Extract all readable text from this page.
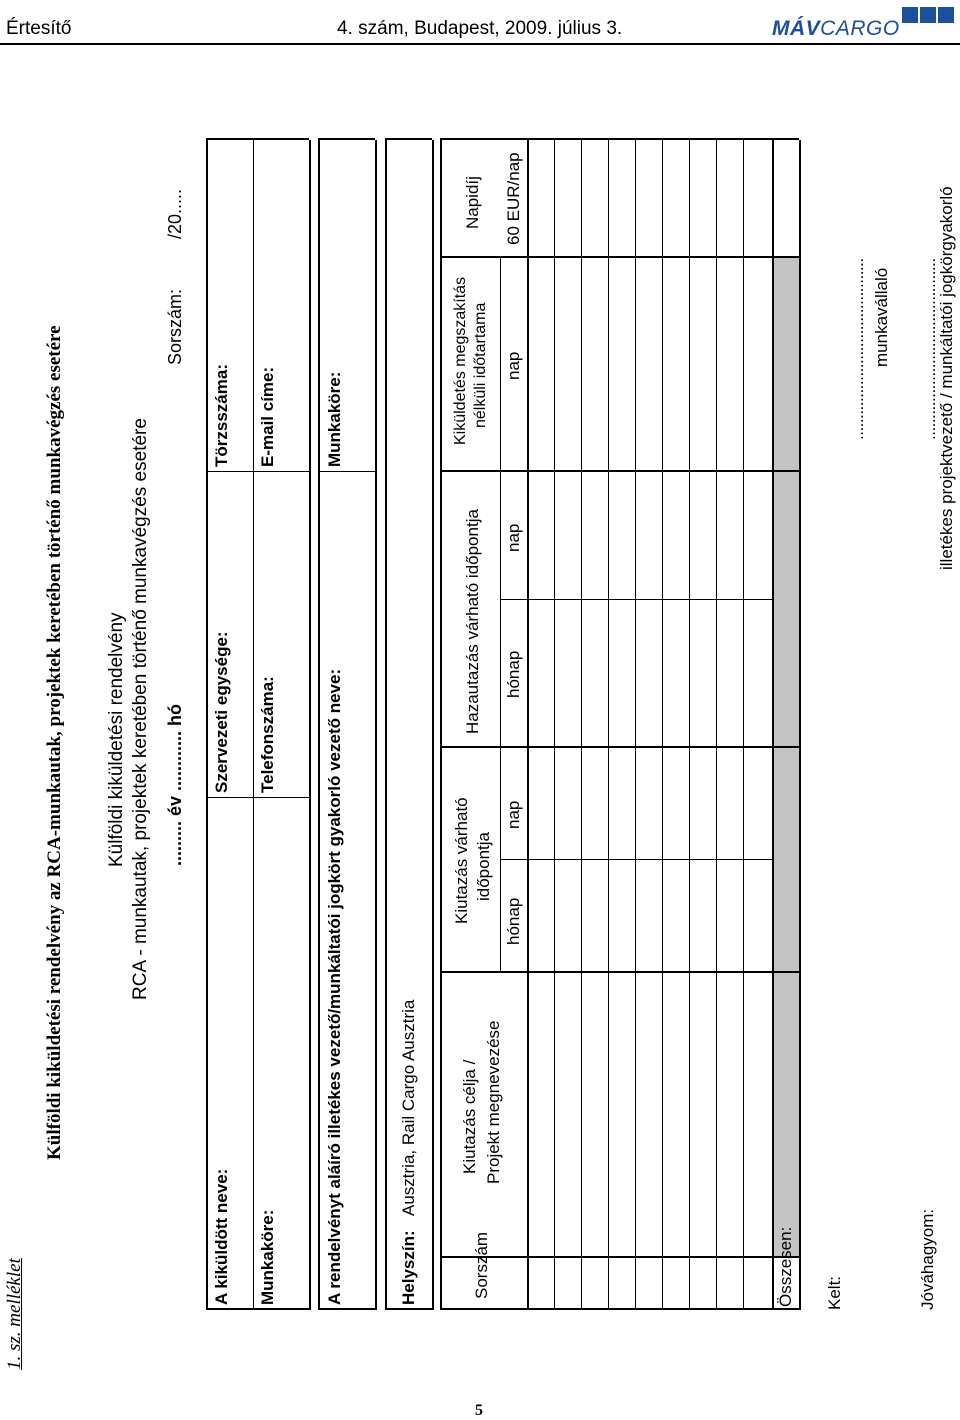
Értesítő	4. szám, Budapest, 2009. július 3.	MÁVCARGO
5
1. sz. melléklet
Külföldi kiküldetési rendelvény az RCA-munkautak, projektek keretében történő munkavégzés esetére Külföldi kiküldetési rendelvény RCA - munkautak, projektek keretében történő munkavégzés esetére ......... év ............ hó
Sorszám:          /20.....
A kiküldött neve:
Szervezeti egysége:
Törzsszáma:
Munkaköre:
Telefonszáma:
E-mail címe:
A rendelvényt aláíró illetékes vezető/munkáltatói jogkört gyakorló vezető neve:
Munkaköre:
Helyszín:
Ausztria, Rail Cargo Ausztria
Sorszám
Kiutazás célja / Projekt megnevezése
Kiutazás várható időpontja
Hazautazás várható időpontja
Kiküldetés megszakítás nélküli időtartama
Napidíj
hónap
nap
hónap
nap
nap
60 EUR/nap
Összesen: Kelt:
........................................... munkavállaló
Jóváhagyom:
...........................................
illetékes projektvezető / munkáltatói jogkörgyakorló
